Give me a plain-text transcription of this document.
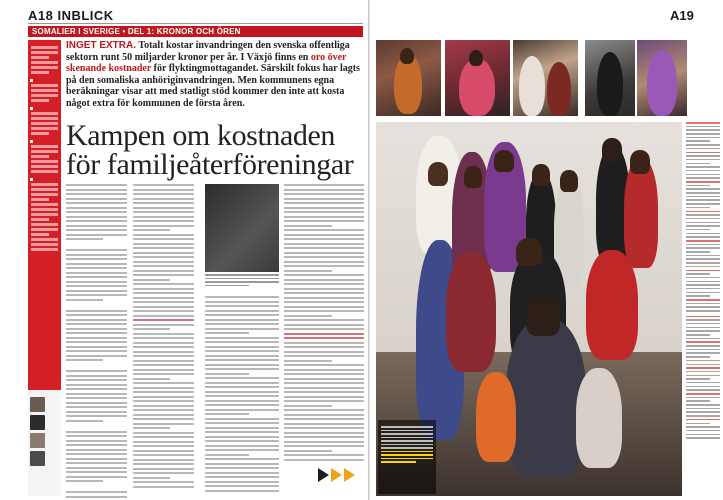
A18 INBLICK
SOMALIER I SVERIGE • DEL 1: KRONOR OCH ÖREN
INGET EXTRA. Totalt kostar invandringen den svenska offentliga sektorn runt 50 miljarder kronor per år. I Växjö finns en oro över skenande kostnader för flyktingmottagandet. Särskilt fokus har lagts på den somaliska anhöriginvandringen. Men kommunens egna beräkningar visar att med statligt stöd kommer den inte att kosta något extra för kommunen de första åren.
Kampen om kostnaden
för familjeåterföreningar
A19
